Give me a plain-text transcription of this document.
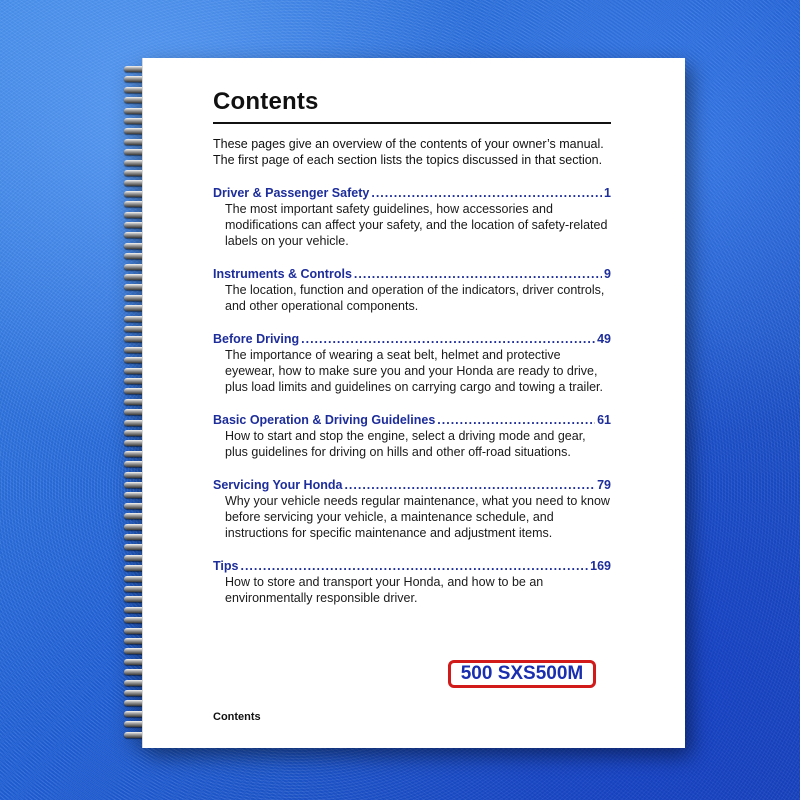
Contents

These pages give an overview of the contents of your owner’s manual.

The first page of each section lists the topics discussed in that section.

Driver & Passenger Safety .....	1
The most important safety guidelines, how accessories and modifications can affect your safety, and the location of safety-related labels on your vehicle.
Instruments & Controls .....	9
The location, function and operation of the indicators, driver controls, and other operational components.
Before Driving .....	49
The importance of wearing a seat belt, helmet and protective eyewear, how to make sure you and your Honda are ready to drive, plus load limits and guidelines on carrying cargo and towing a trailer.
Basic Operation & Driving Guidelines .....	61
How to start and stop the engine, select a driving mode and gear, plus guidelines for driving on hills and other off-road situations.
Servicing Your Honda .....	79
Why your vehicle needs regular maintenance, what you need to know before servicing your vehicle, a maintenance schedule, and instructions for specific maintenance and adjustment items.
Tips .....	169
How to store and transport your Honda, and how to be an environmentally responsible driver.
500 SXS500M
Contents
